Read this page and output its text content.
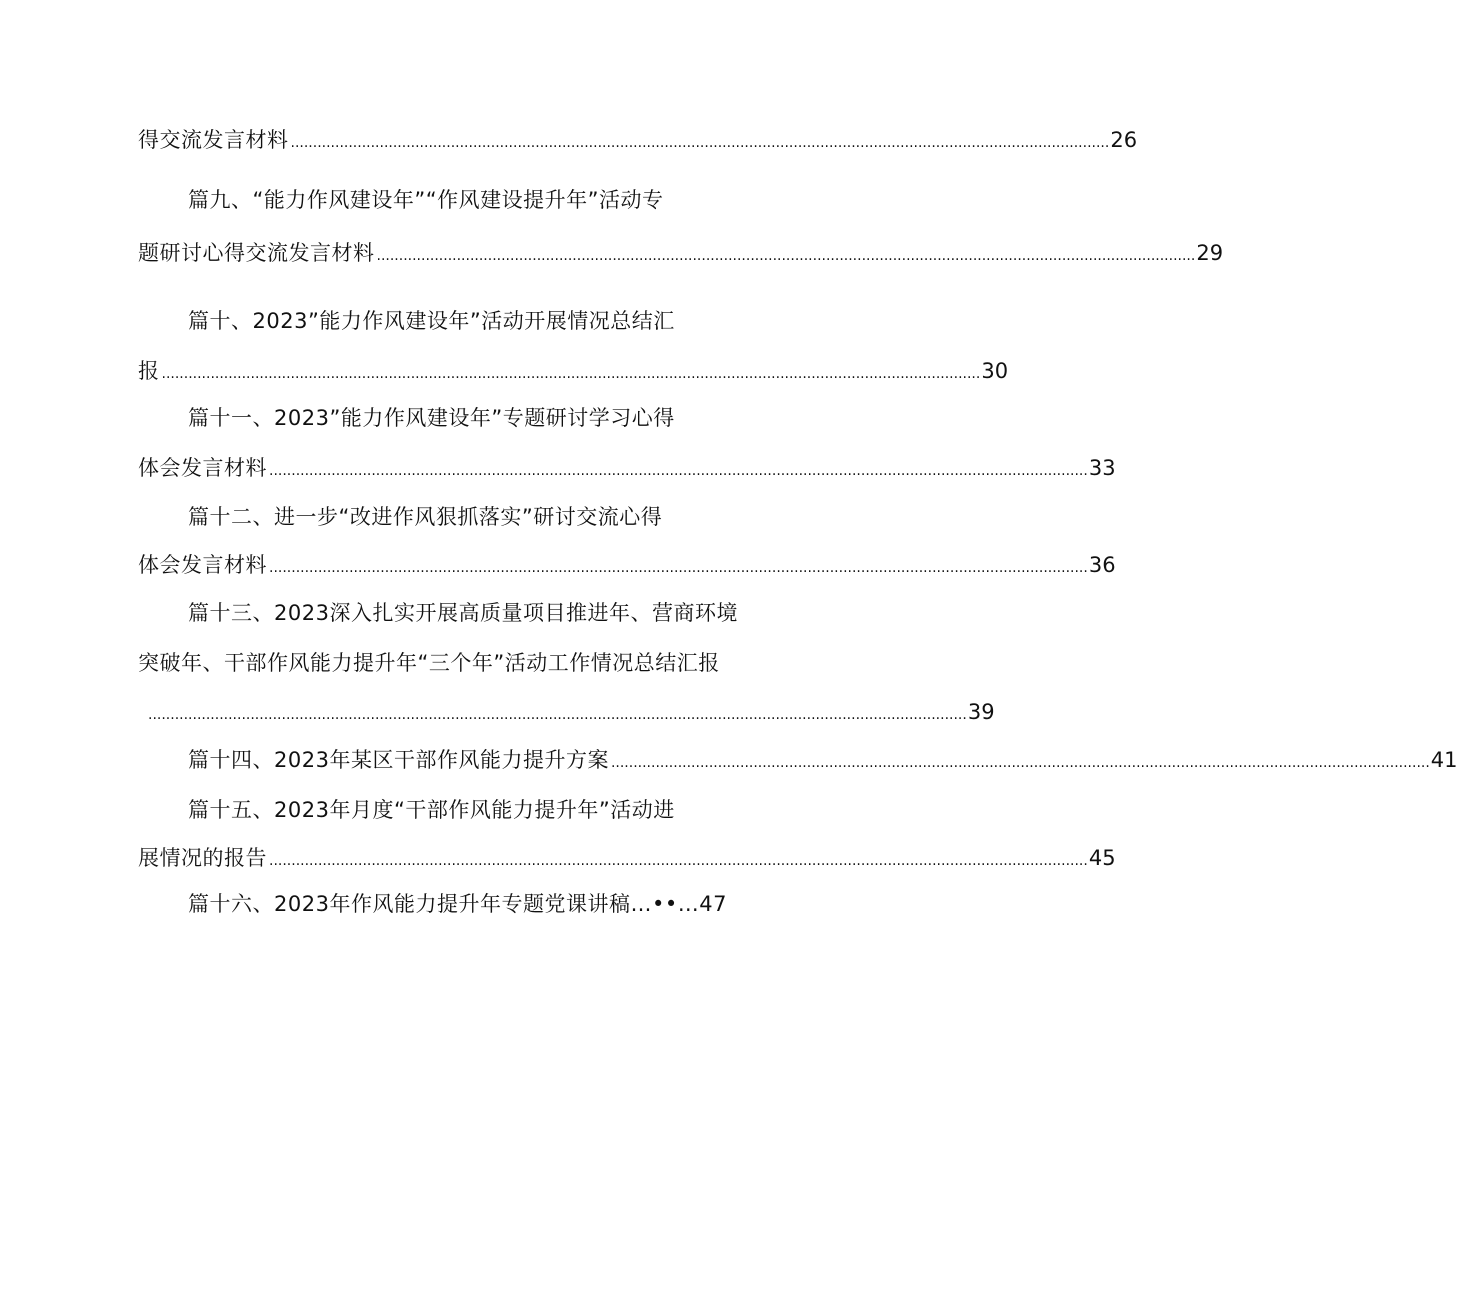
得交流发言材料 ........................................................................................................................................................................................ 26
篇九、“能力作风建设年”“作风建设提升年”活动专
题研讨心得交流发言材料 ........................................................................................................................................................................................ 29
篇十、2023”能力作风建设年”活动开展情况总结汇
报 ........................................................................................................................................................................................ 30
篇十一、2023”能力作风建设年”专题研讨学习心得
体会发言材料 ........................................................................................................................................................................................ 33
篇十二、进一步“改进作风狠抓落实”研讨交流心得
体会发言材料 ........................................................................................................................................................................................ 36
篇十三、2023深入扎实开展高质量项目推进年、营商环境
突破年、干部作风能力提升年“三个年”活动工作情况总结汇报
........................................................................................................................................................................................ 39
篇十四、2023年某区干部作风能力提升方案 ........................................................................................................................................................................................ 41
篇十五、2023年月度“干部作风能力提升年”活动进
展情况的报告 ........................................................................................................................................................................................ 45
篇十六、2023年作风能力提升年专题党课讲稿…••…47
